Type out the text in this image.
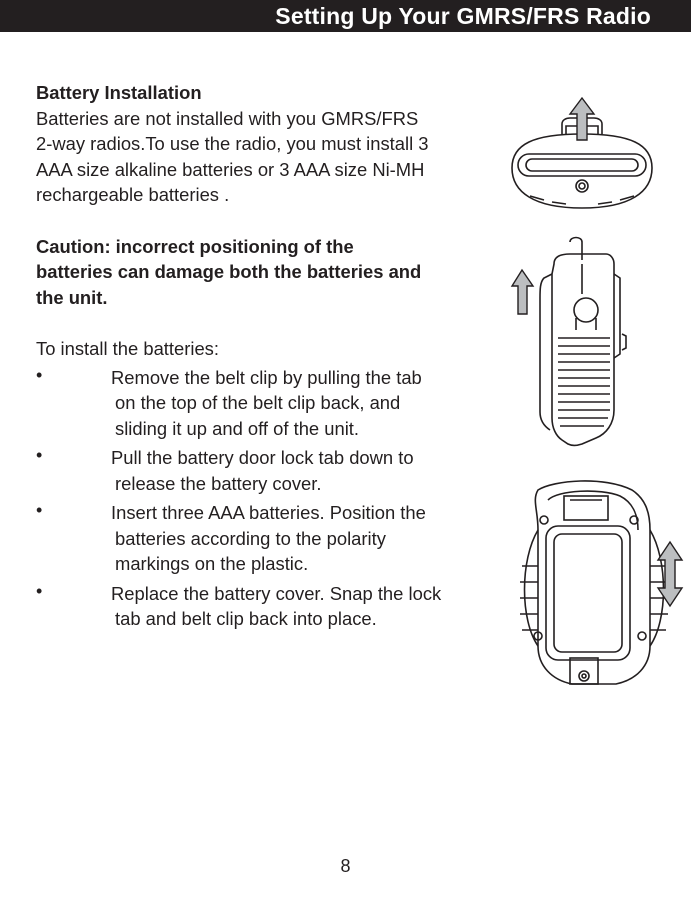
Setting Up Your GMRS/FRS Radio

Battery Installation

Batteries are not installed with you GMRS/FRS

2-way radios.To use the radio, you must install 3

AAA size alkaline batteries or 3 AAA size Ni-MH

rechargeable batteries .

Caution: incorrect positioning of the

batteries can damage both the batteries and

the unit.

To install the batteries:

•	Remove the belt clip by pulling the tab
on the top of the belt clip back, and
sliding it up and off of the unit.
•	Pull the battery door lock tab down to
release the battery cover.
•	Insert three AAA batteries. Position the
batteries according to the polarity
markings on the plastic.
•	Replace the battery cover. Snap the lock
tab and belt clip back into place.
8
